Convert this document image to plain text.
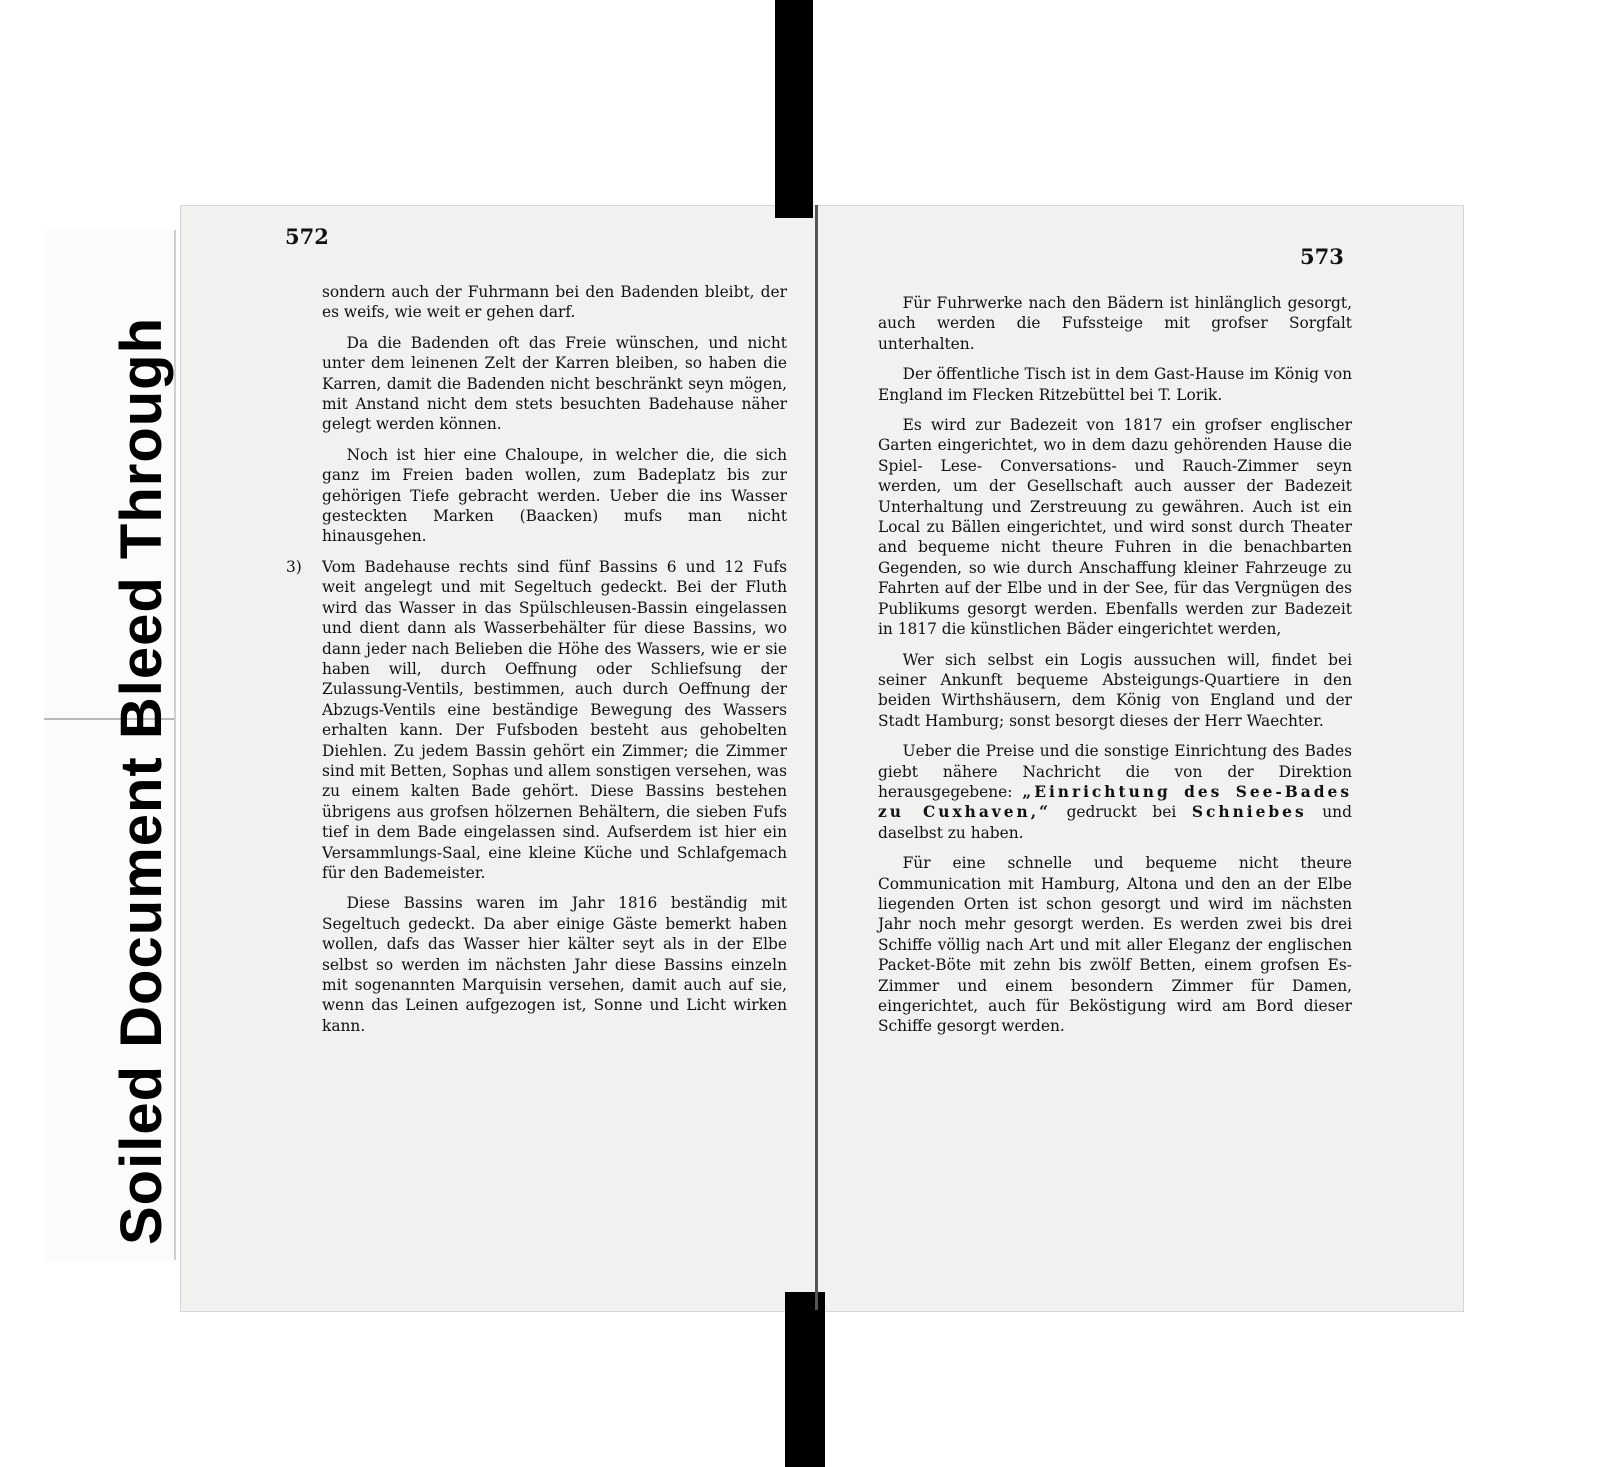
Soiled Document Bleed Through
572
573

sondern auch der Fuhrmann bei den Badenden bleibt, der es weifs, wie weit er gehen darf.

Da die Badenden oft das Freie wünschen, und nicht unter dem leinenen Zelt der Karren bleiben, so haben die Karren, damit die Badenden nicht beschränkt seyn mögen, mit Anstand nicht dem stets besuchten Badehause näher gelegt werden können.

Noch ist hier eine Chaloupe, in welcher die, die sich ganz im Freien baden wollen, zum Badeplatz bis zur gehörigen Tiefe gebracht werden. Ueber die ins Wasser gesteckten Marken (Baacken) mufs man nicht hinausgehen.

3) Vom Badehause rechts sind fünf Bassins 6 und 12 Fufs weit angelegt und mit Segeltuch gedeckt. Bei der Fluth wird das Wasser in das Spülschleusen-Bassin eingelassen und dient dann als Wasserbehälter für diese Bassins, wo dann jeder nach Belieben die Höhe des Wassers, wie er sie haben will, durch Oeffnung oder Schliefsung der Zulassung-Ventils, bestimmen, auch durch Oeffnung der Abzugs-Ventils eine beständige Bewegung des Wassers erhalten kann. Der Fufsboden besteht aus gehobelten Diehlen. Zu jedem Bassin gehört ein Zimmer; die Zimmer sind mit Betten, Sophas und allem sonstigen versehen, was zu einem kalten Bade gehört. Diese Bassins bestehen übrigens aus grofsen hölzernen Behältern, die sieben Fufs tief in dem Bade eingelassen sind. Aufserdem ist hier ein Versammlungs-Saal, eine kleine Küche und Schlafgemach für den Bademeister.

Diese Bassins waren im Jahr 1816 beständig mit Segeltuch gedeckt. Da aber einige Gäste bemerkt haben wollen, dafs das Wasser hier kälter seyt als in der Elbe selbst so werden im nächsten Jahr diese Bassins einzeln mit sogenannten Marquisin versehen, damit auch auf sie, wenn das Leinen aufgezogen ist, Sonne und Licht wirken kann.

Für Fuhrwerke nach den Bädern ist hinlänglich gesorgt, auch werden die Fufssteige mit grofser Sorgfalt unterhalten.

Der öffentliche Tisch ist in dem Gast-Hause im König von England im Flecken Ritzebüttel bei T. Lorik.

Es wird zur Badezeit von 1817 ein grofser englischer Garten eingerichtet, wo in dem dazu gehörenden Hause die Spiel- Lese- Conversations- und Rauch-Zimmer seyn werden, um der Gesellschaft auch ausser der Badezeit Unterhaltung und Zerstreuung zu gewähren. Auch ist ein Local zu Bällen eingerichtet, und wird sonst durch Theater and bequeme nicht theure Fuhren in die benachbarten Gegenden, so wie durch Anschaffung kleiner Fahrzeuge zu Fahrten auf der Elbe und in der See, für das Vergnügen des Publikums gesorgt werden. Ebenfalls werden zur Badezeit in 1817 die künstlichen Bäder eingerichtet werden,

Wer sich selbst ein Logis aussuchen will, findet bei seiner Ankunft bequeme Absteigungs-Quartiere in den beiden Wirthshäusern, dem König von England und der Stadt Hamburg; sonst besorgt dieses der Herr Waechter.

Ueber die Preise und die sonstige Einrichtung des Bades giebt nähere Nachricht die von der Direktion herausgegebene: „Einrichtung des See-Bades zu Cuxhaven,“ gedruckt bei Schniebes und daselbst zu haben.

Für eine schnelle und bequeme nicht theure Communication mit Hamburg, Altona und den an der Elbe liegenden Orten ist schon gesorgt und wird im nächsten Jahr noch mehr gesorgt werden. Es werden zwei bis drei Schiffe völlig nach Art und mit aller Eleganz der englischen Packet-Böte mit zehn bis zwölf Betten, einem grofsen Es-Zimmer und einem besondern Zimmer für Damen, eingerichtet, auch für Beköstigung wird am Bord dieser Schiffe gesorgt werden.
